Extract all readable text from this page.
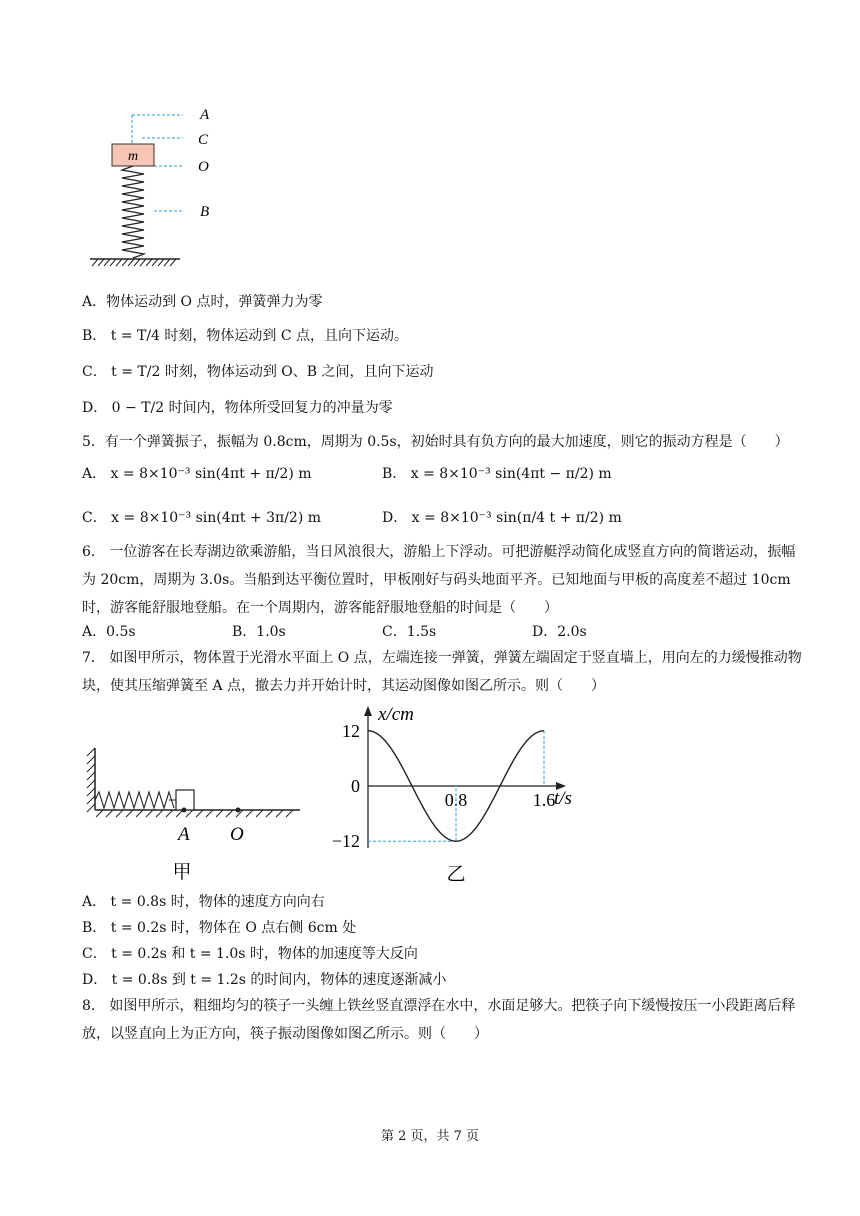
m
A
C
O
B
A．物体运动到 O 点时，弹簧弹力为零
B． t = T/4 时刻，物体运动到 C 点，且向下运动。
C． t = T/2 时刻，物体运动到 O、B 之间，且向下运动
D． 0 − T/2 时间内，物体所受回复力的冲量为零
5．有一个弹簧振子，振幅为 0.8cm，周期为 0.5s，初始时具有负方向的最大加速度，则它的振动方程是（　　）
A． x = 8×10⁻³ sin(4πt + π/2) m	B． x = 8×10⁻³ sin(4πt − π/2) m
C． x = 8×10⁻³ sin(4πt + 3π/2) m	D． x = 8×10⁻³ sin(π/4 t + π/2) m
6． 一位游客在长寿湖边欲乘游船，当日风浪很大，游船上下浮动。可把游艇浮动简化成竖直方向的简谐运动，振幅为 20cm，周期为 3.0s。当船到达平衡位置时，甲板刚好与码头地面平齐。已知地面与甲板的高度差不超过 10cm 时，游客能舒服地登船。在一个周期内，游客能舒服地登船的时间是（　　）
A．0.5s	B．1.0s	C．1.5s	D．2.0s
7． 如图甲所示，物体置于光滑水平面上 O 点，左端连接一弹簧，弹簧左端固定于竖直墙上，用向左的力缓慢推动物块，使其压缩弹簧至 A 点，撤去力并开始计时，其运动图像如图乙所示。则（　　）
A O
甲
x/cm
t/s
12
0
−12
0.8	1.6
乙
A． t = 0.8s 时，物体的速度方向向右
B． t = 0.2s 时，物体在 O 点右侧 6cm 处
C． t = 0.2s 和 t = 1.0s 时，物体的加速度等大反向
D． t = 0.8s 到 t = 1.2s 的时间内，物体的速度逐渐减小
8． 如图甲所示，粗细均匀的筷子一头缠上铁丝竖直漂浮在水中，水面足够大。把筷子向下缓慢按压一小段距离后释放，以竖直向上为正方向，筷子振动图像如图乙所示。则（　　）
第 2 页，共 7 页
